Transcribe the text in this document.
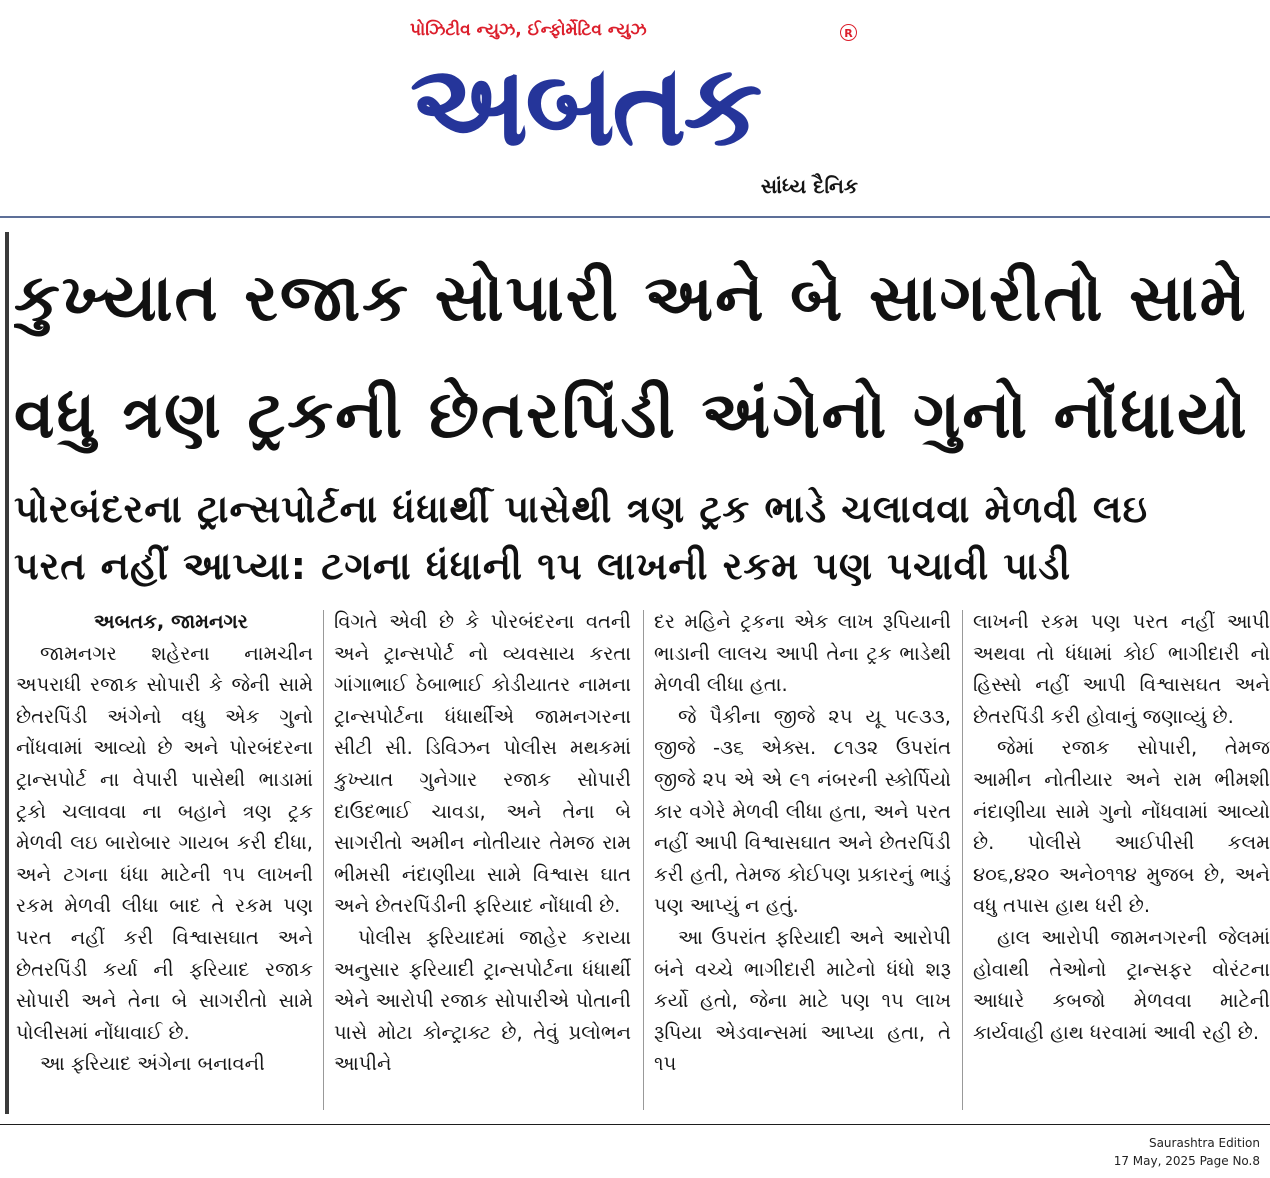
પોઝિટીવ ન્યુઝ, ઈન્ફોર્મેટિવ ન્યુઝ	R
અબતક
સાંધ્ય દૈનિક
કુખ્યાત રજાક સોપારી અને બે સાગરીતો સામે
વધુ ત્રણ ટ્રકની છેતરપિંડી અંગેનો ગુનો નોંધાયો
પોરબંદરના ટ્રાન્સપોર્ટના ધંધાર્થી પાસેથી ત્રણ ટ્રક ભાડે ચલાવવા મેળવી લઇ
પરત નહીં આપ્યા: ટગના ધંધાની ૧૫ લાખની રકમ પણ પચાવી પાડી

અબતક, જામનગર

જામનગર શહેરના નામચીન અપરાધી રજાક સોપારી કે જેની સામે છેતરપિંડી અંગેનો વધુ એક ગુનો નોંધવામાં આવ્યો છે અને પોરબંદરના ટ્રાન્સપોર્ટ ના વેપારી પાસેથી ભાડામાં ટ્રકો ચલાવવા ના બહાને ત્રણ ટ્રક મેળવી લઇ બારોબાર ગાયબ કરી દીધા, અને ટગના ધંધા માટેની ૧૫ લાખની રકમ મેળવી લીધા બાદ તે રકમ પણ પરત નહીં કરી વિશ્વાસઘાત અને છેતરપિંડી કર્યા ની ફરિયાદ રજાક સોપારી અને તેના બે સાગરીતો સામે પોલીસમાં નોંધાવાઈ છે.

આ ફરિયાદ અંગેના બનાવની

વિગતે એવી છે કે પોરબંદરના વતની અને ટ્રાન્સપોર્ટ નો વ્યવસાય કરતા ગાંગાભાઈ ઠેબાભાઈ કોડીયાતર નામના ટ્રાન્સપોર્ટના ધંધાર્થીએ જામનગરના સીટી સી. ડિવિઝન પોલીસ મથકમાં કુખ્યાત ગુનેગાર રજાક સોપારી દાઉદભાઈ ચાવડા, અને તેના બે સાગરીતો અમીન નોતીયાર તેમજ રામ ભીમસી નંદાણીયા સામે વિશ્વાસ ઘાત અને છેતરપિંડીની ફરિયાદ નોંધાવી છે.

પોલીસ ફરિયાદમાં જાહેર કરાયા અનુસાર ફરિયાદી ટ્રાન્સપોર્ટના ધંધાર્થી એને આરોપી રજાક સોપારીએ પોતાની પાસે મોટા કોન્ટ્રાક્ટ છે, તેવું પ્રલોભન આપીને

દર મહિને ટ્રકના એક લાખ રૂપિયાની ભાડાની લાલચ આપી તેના ટ્રક ભાડેથી મેળવી લીધા હતા.

જે પૈકીના જીજે ૨૫ યૂ ૫૯૩૩, જીજે -૩૬ એક્સ. ૮૧૩૨ ઉપરાંત જીજે ૨૫ એ એ ૯૧ નંબરની સ્કોર્પિયો કાર વગેરે મેળવી લીધા હતા, અને પરત નહીં આપી વિશ્વાસઘાત અને છેતરપિંડી કરી હતી, તેમજ કોઈપણ પ્રકારનું ભાડું પણ આપ્યું ન હતું.

આ ઉપરાંત ફરિયાદી અને આરોપી બંને વચ્ચે ભાગીદારી માટેનો ધંધો શરૂ કર્યો હતો, જેના માટે પણ ૧૫ લાખ રૂપિયા એડવાન્સમાં આપ્યા હતા, તે ૧૫

લાખની રકમ પણ પરત નહીં આપી અથવા તો ધંધામાં કોઈ ભાગીદારી નો હિસ્સો નહીં આપી વિશ્વાસઘત અને છેતરપિંડી કરી હોવાનું જણાવ્યું છે.

જેમાં રજાક સોપારી, તેમજ આમીન નોતીયાર અને રામ ભીમશી નંદાણીયા સામે ગુનો નોંધવામાં આવ્યો છે. પોલીસે આઈપીસી કલમ ૪૦૬,૪૨૦ અને૦૧૧૪ મુજબ છે, અને વધુ તપાસ હાથ ધરી છે.

હાલ આરોપી જામનગરની જેલમાં હોવાથી તેઓનો ટ્રાન્સફર વોરંટના આધારે કબજો મેળવવા માટેની કાર્યવાહી હાથ ધરવામાં આવી રહી છે.

Saurashtra Edition
17 May, 2025 Page No.8
